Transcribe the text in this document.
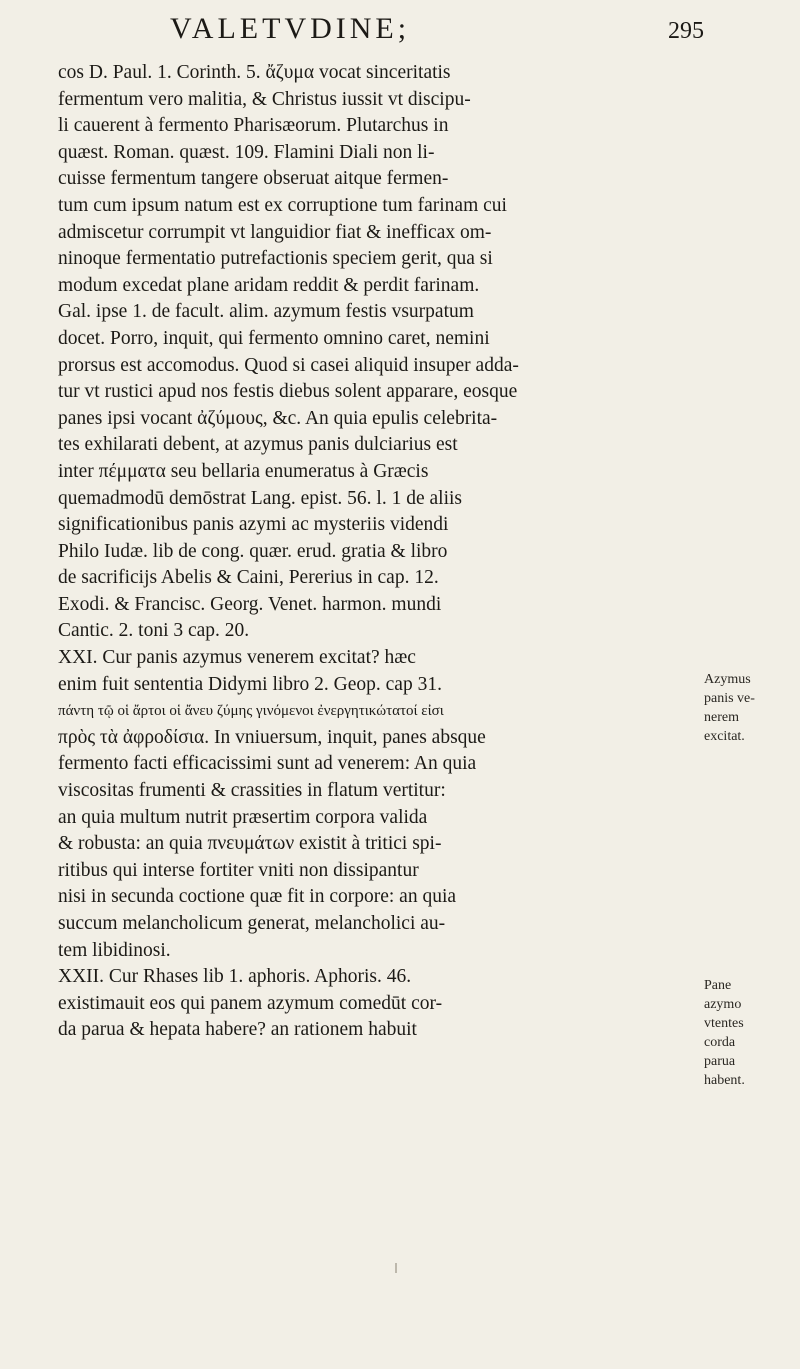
VALETVDINE;	295
cos D. Paul. 1. Corinth. 5. ἄζυμα vocat sinceritatis
fermentum vero malitia, & Christus iussit vt discipu-
li cauerent à fermento Pharisæorum. Plutarchus in
quæst. Roman. quæst. 109. Flamini Diali non li-
cuisse fermentum tangere obseruat aitque fermen-
tum cum ipsum natum est ex corruptione tum farinam cui
admiscetur corrumpit vt languidior fiat & inefficax om-
ninoque fermentatio putrefactionis speciem gerit, qua si
modum excedat plane aridam reddit & perdit farinam.
Gal. ipse 1. de facult. alim. azymum festis vsurpatum
docet. Porro, inquit, qui fermento omnino caret, nemini
prorsus est accomodus. Quod si casei aliquid insuper adda-
tur vt rustici apud nos festis diebus solent apparare, eosque
panes ipsi vocant ἀζύμους, &c. An quia epulis celebrita-
tes exhilarati debent, at azymus panis dulciarius est
inter πέμματα seu bellaria enumeratus à Græcis
quemadmodū demōstrat Lang. epist. 56. l. 1 de aliis
significationibus panis azymi ac mysteriis videndi
Philo Iudæ. lib de cong. quær. erud. gratia & libro
de sacrificijs Abelis & Caini, Pererius in cap. 12.
Exodi. & Francisc. Georg. Venet. harmon. mundi
Cantic. 2. toni 3 cap. 20.
XXI. Cur panis azymus venerem excitat? hæc
enim fuit sententia Didymi libro 2. Geop. cap 31.
πάντη τῷ οἱ ἄρτοι οἱ ἄνευ ζύμης γινόμενοι ἐνεργητικώτατοί εἰσι
πρὸς τὰ ἀφροδίσια. In vniuersum, inquit, panes absque
fermento facti efficacissimi sunt ad venerem: An quia
viscositas frumenti & crassities in flatum vertitur:
an quia multum nutrit præsertim corpora valida
& robusta: an quia πνευμάτων existit à tritici spi-
ritibus qui interse fortiter vniti non dissipantur
nisi in secunda coctione quæ fit in corpore: an quia
succum melancholicum generat, melancholici au-
tem libidinosi.
XXII. Cur Rhases lib 1. aphoris. Aphoris. 46.
existimauit eos qui panem azymum comedūt cor-
da parua & hepata habere? an rationem habuit
Azymus
panis ve-
nerem
excitat.
Pane
azymo
vtentes
corda
parua
habent.
